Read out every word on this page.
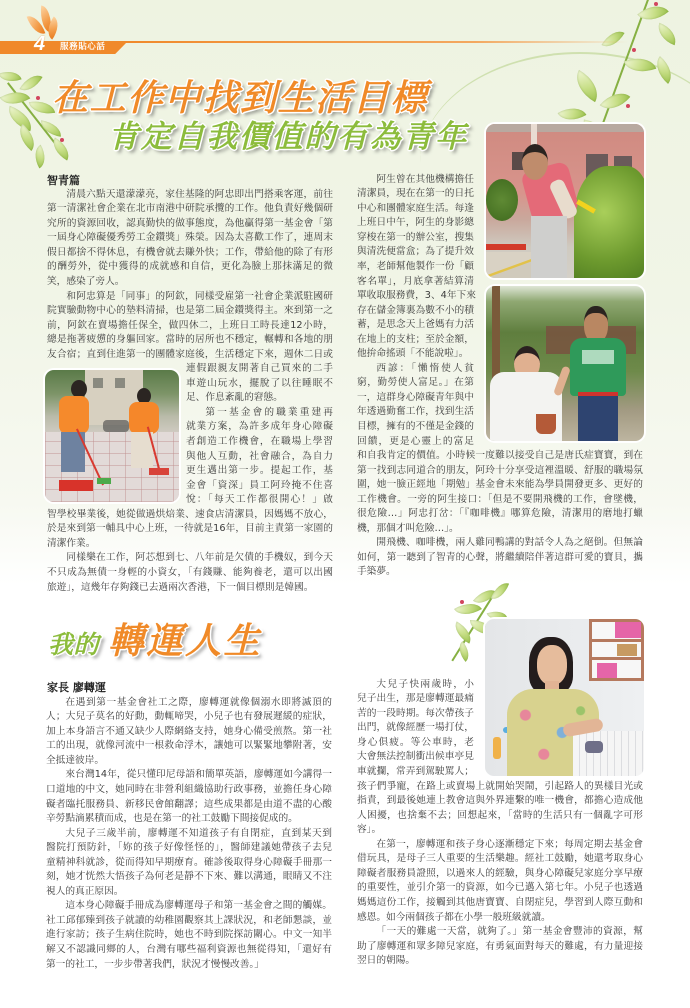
4 服務貼心話
在工作中找到生活目標
肯定自我價值的有為青年
智青篇
清晨六點天還濛濛亮，家住基隆的阿忠即出門搭乘客運，前往
第一清潔社會企業在北市南港中研院承攬的工作。他負責好幾個研
究所的資源回收，認真勤快的做事態度，為他贏得第一基金會「第
一屆身心障礙優秀勞工金鑽獎」殊榮。因為太喜歡工作了，連周末
假日都捨不得休息，有機會就去賺外快；工作，帶給他的除了有形
的酬勞外，從中獲得的成就感和自信，更化為臉上那抹滿足的微
笑，感染了旁人。
和阿忠算是「同事」的阿欽，同樣受雇第一社會企業派駐國研
院實驗動物中心的墊料清掃，也是第二屆金鑽獎得主。來到第一之
前，阿欽在賣場擔任保全，做四休二，上班日工時長達12小時，
總是拖著疲憊的身軀回家。當時的居所也不穩定，輾轉和各地的朋
友合宿；直到住進第一的團體家庭後，生活穩定下來，週休二日或
連假跟親友開著自己買來的二手
車遊山玩水，擺脫了以往睡眠不
足、作息紊亂的窘態。
第一基金會的職業重建再
就業方案，為許多成年身心障礙
者創造工作機會，在職場上學習
與他人互動，社會融合，為自力
更生邁出第一步。提起工作，基
金會「資深」員工阿玲掩不住喜
悅：「每天工作都很開心！」啟
智學校畢業後，她從做過烘焙業、速食店清潔員，因媽媽不放心，
於是來到第一輔具中心上班，一待就是16年，目前主責第一家園的
清潔作業。
同樣樂在工作，阿芯想到七、八年前是欠債的手機奴，到今天
不只成為無債一身輕的小資女，「有錢賺、能夠養老，還可以出國
旅遊」，這幾年存夠錢已去過兩次香港，下一個目標則是韓國。
阿生曾在其他機構擔任
清潔員，現在在第一的日托
中心和團體家庭生活。每逢
上班日中午，阿生的身影總
穿梭在第一的辦公室，搜集
與清洗便當盒；為了提升效
率，老師幫他製作一份「顧
客名單」，月底拿著結算清
單收取服務費，3、4年下來
存在儲金簿裏為數不小的積
蓄，是思念天上爸媽有力活
在地上的支柱；至於金額，
他拚命搖頭「不能說啦」。
西諺：「懶惰使人貧
窮，勤勞使人富足。」在第
一，這群身心障礙青年與中
年透過勤奮工作，找到生活
目標，擁有的不僅是金錢的
回饋，更是心靈上的富足
和自我肯定的價值。小時候一度難以接受自己是唐氏症寶寶，到在
第一找到志同道合的朋友，阿玲十分享受這裡溫暖、舒服的職場氛
圍，她一臉正經地「期勉」基金會未來能為學員開發更多、更好的
工作機會。一旁的阿生接口：「但是不要開飛機的工作，會墜機，
很危險…」阿忠打岔：「『咖啡機』哪算危險，清潔用的磨地打蠟
機，那個才叫危險…」。
開飛機、咖啡機，兩人雞同鴨講的對話令人為之絕倒。但無論
如何，第一聽到了智青的心聲，將繼續陪伴著這群可愛的寶貝，攜
手築夢。
我的 轉運人生
家長 廖轉運
在遇到第一基金會社工之際，廖轉運就像個溺水即將滅頂的
人；大兒子莫名的好動，動輒啼哭，小兒子也有發展遲緩的症狀，
加上本身語言不通又缺少人際網絡支持，她身心備受煎熬。第一社
工的出現，就像河流中一根救命浮木，讓她可以緊緊地攀附著，安
全抵達彼岸。
來台灣14年，從只懂印尼母語和簡單英語，廖轉運如今講得一
口道地的中文，她同時在非營利組織協助行政事務，並擔任身心障
礙者臨托服務員、新移民會館翻譯；這些成果都是由道不盡的心酸
辛勞點滴累積而成，也是在第一的社工鼓勵下間接促成的。
大兒子三歲半前，廖轉運不知道孩子有自閉症，直到某天到
醫院打預防針，「妳的孩子好像怪怪的」，醫師建議她帶孩子去兒
童精神科就診，從而得知早期療育。確診後取得身心障礙手冊那一
刻，她才恍然大悟孩子為何老是靜不下來、難以溝通，眼睛又不注
視人的真正原因。
這本身心障礙手冊成為廖轉運母子和第一基金會之間的觸媒。
社工邱郁臻到孩子就讀的幼稚園觀察其上課狀況，和老師懇談，並
進行家訪；孩子生病住院時，她也不時到院探訪關心。中文一知半
解又不認識同鄉的人，台灣有哪些福利資源也無從得知，「還好有
第一的社工，一步步帶著我們，狀況才慢慢改善。」
大兒子快兩歲時，小
兒子出生，那是廖轉運最痛
苦的一段時期。每次帶孩子
出門，就像經歷一場打仗，
身心俱疲。等公車時，老
大會無法控制衝出候車亭見
車就攔，常弄到駕駛罵人；
孩子們爭寵，在路上或賣場上就開始哭鬧，引起路人的異樣目光或
指責，到最後她連上教會這與外界連繫的唯一機會，都擔心造成他
人困擾，也捨棄不去；回想起來，「當時的生活只有一個亂字可形
容」。
在第一，廖轉運和孩子身心逐漸穩定下來；每周定期去基金會
借玩具，是母子三人重要的生活樂趣。經社工鼓勵，她還考取身心
障礙者服務員證照，以過來人的經驗，與身心障礙兒家庭分享早療
的重要性，並引介第一的資源，如今已邁入第七年。小兒子也透過
媽媽這份工作，接觸到其他唐寶寶、自閉症兒，學習到人際互動和
感恩。如今兩個孩子都在小學一般班級就讀。
「一天的難處一天當，就夠了。」第一基金會豐沛的資源，幫
助了廖轉運和眾多障兒家庭，有勇氣面對每天的難處，有力量迎接
翌日的朝陽。
